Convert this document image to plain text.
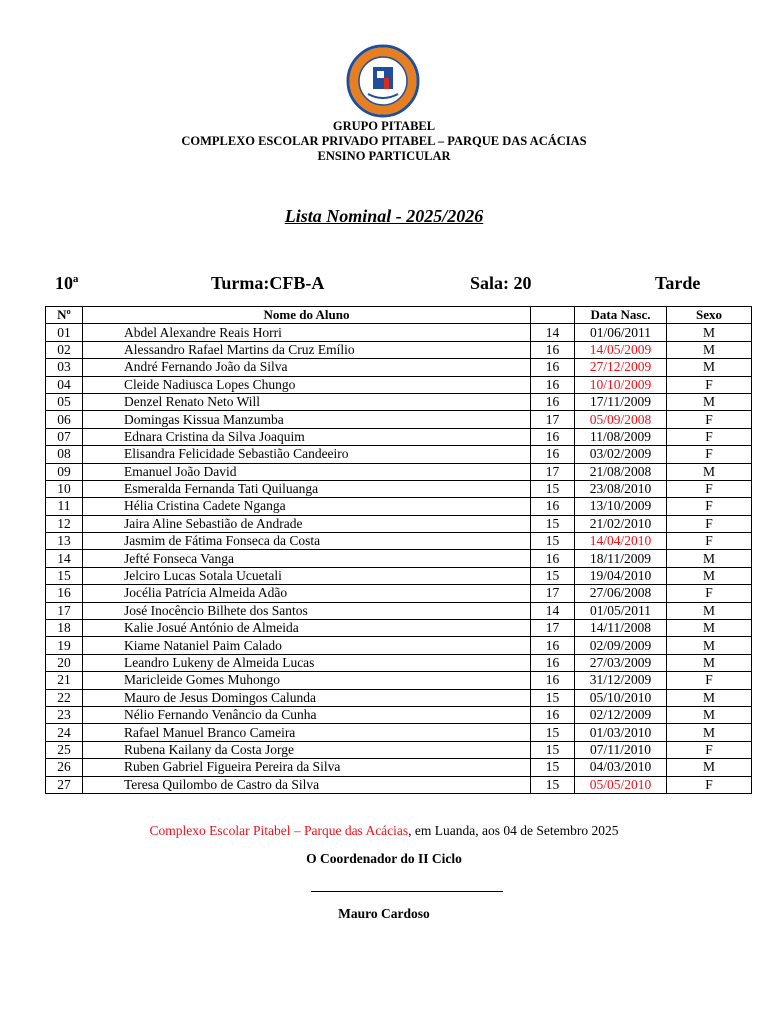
GRUPO PITABEL
COMPLEXO ESCOLAR PRIVADO PITABEL – PARQUE DAS ACÁCIAS
ENSINO PARTICULAR
Lista Nominal - 2025/2026
10ª	Turma:CFB-A	Sala: 20	Tarde
Nº	Nome do Aluno		Data Nasc.	Sexo
01	Abdel Alexandre Reais Horri	14	01/06/2011	M
02	Alessandro Rafael Martins da Cruz Emílio	16	14/05/2009	M
03	André Fernando João da Silva	16	27/12/2009	M
04	Cleide Nadiusca Lopes Chungo	16	10/10/2009	F
05	Denzel Renato Neto Will	16	17/11/2009	M
06	Domingas Kissua Manzumba	17	05/09/2008	F
07	Ednara Cristina da Silva Joaquim	16	11/08/2009	F
08	Elisandra Felicidade Sebastião Candeeiro	16	03/02/2009	F
09	Emanuel João David	17	21/08/2008	M
10	Esmeralda Fernanda Tati Quiluanga	15	23/08/2010	F
11	Hélia Cristina Cadete Nganga	16	13/10/2009	F
12	Jaira Aline Sebastião de Andrade	15	21/02/2010	F
13	Jasmim de Fátima Fonseca da Costa	15	14/04/2010	F
14	Jefté Fonseca Vanga	16	18/11/2009	M
15	Jelciro Lucas Sotala Ucuetali	15	19/04/2010	M
16	Jocélia Patrícia Almeida Adão	17	27/06/2008	F
17	José Inocêncio Bilhete dos Santos	14	01/05/2011	M
18	Kalie Josué António de Almeida	17	14/11/2008	M
19	Kiame Nataniel Paim Calado	16	02/09/2009	M
20	Leandro Lukeny de Almeida Lucas	16	27/03/2009	M
21	Maricleide Gomes Muhongo	16	31/12/2009	F
22	Mauro de Jesus Domingos Calunda	15	05/10/2010	M
23	Nélio Fernando Venâncio da Cunha	16	02/12/2009	M
24	Rafael Manuel Branco Cameira	15	01/03/2010	M
25	Rubena Kailany da Costa Jorge	15	07/11/2010	F
26	Ruben Gabriel Figueira Pereira da Silva	15	04/03/2010	M
27	Teresa Quilombo de Castro da Silva	15	05/05/2010	F
Complexo Escolar Pitabel – Parque das Acácias, em Luanda, aos 04 de Setembro 2025
O Coordenador do II Ciclo
Mauro Cardoso
